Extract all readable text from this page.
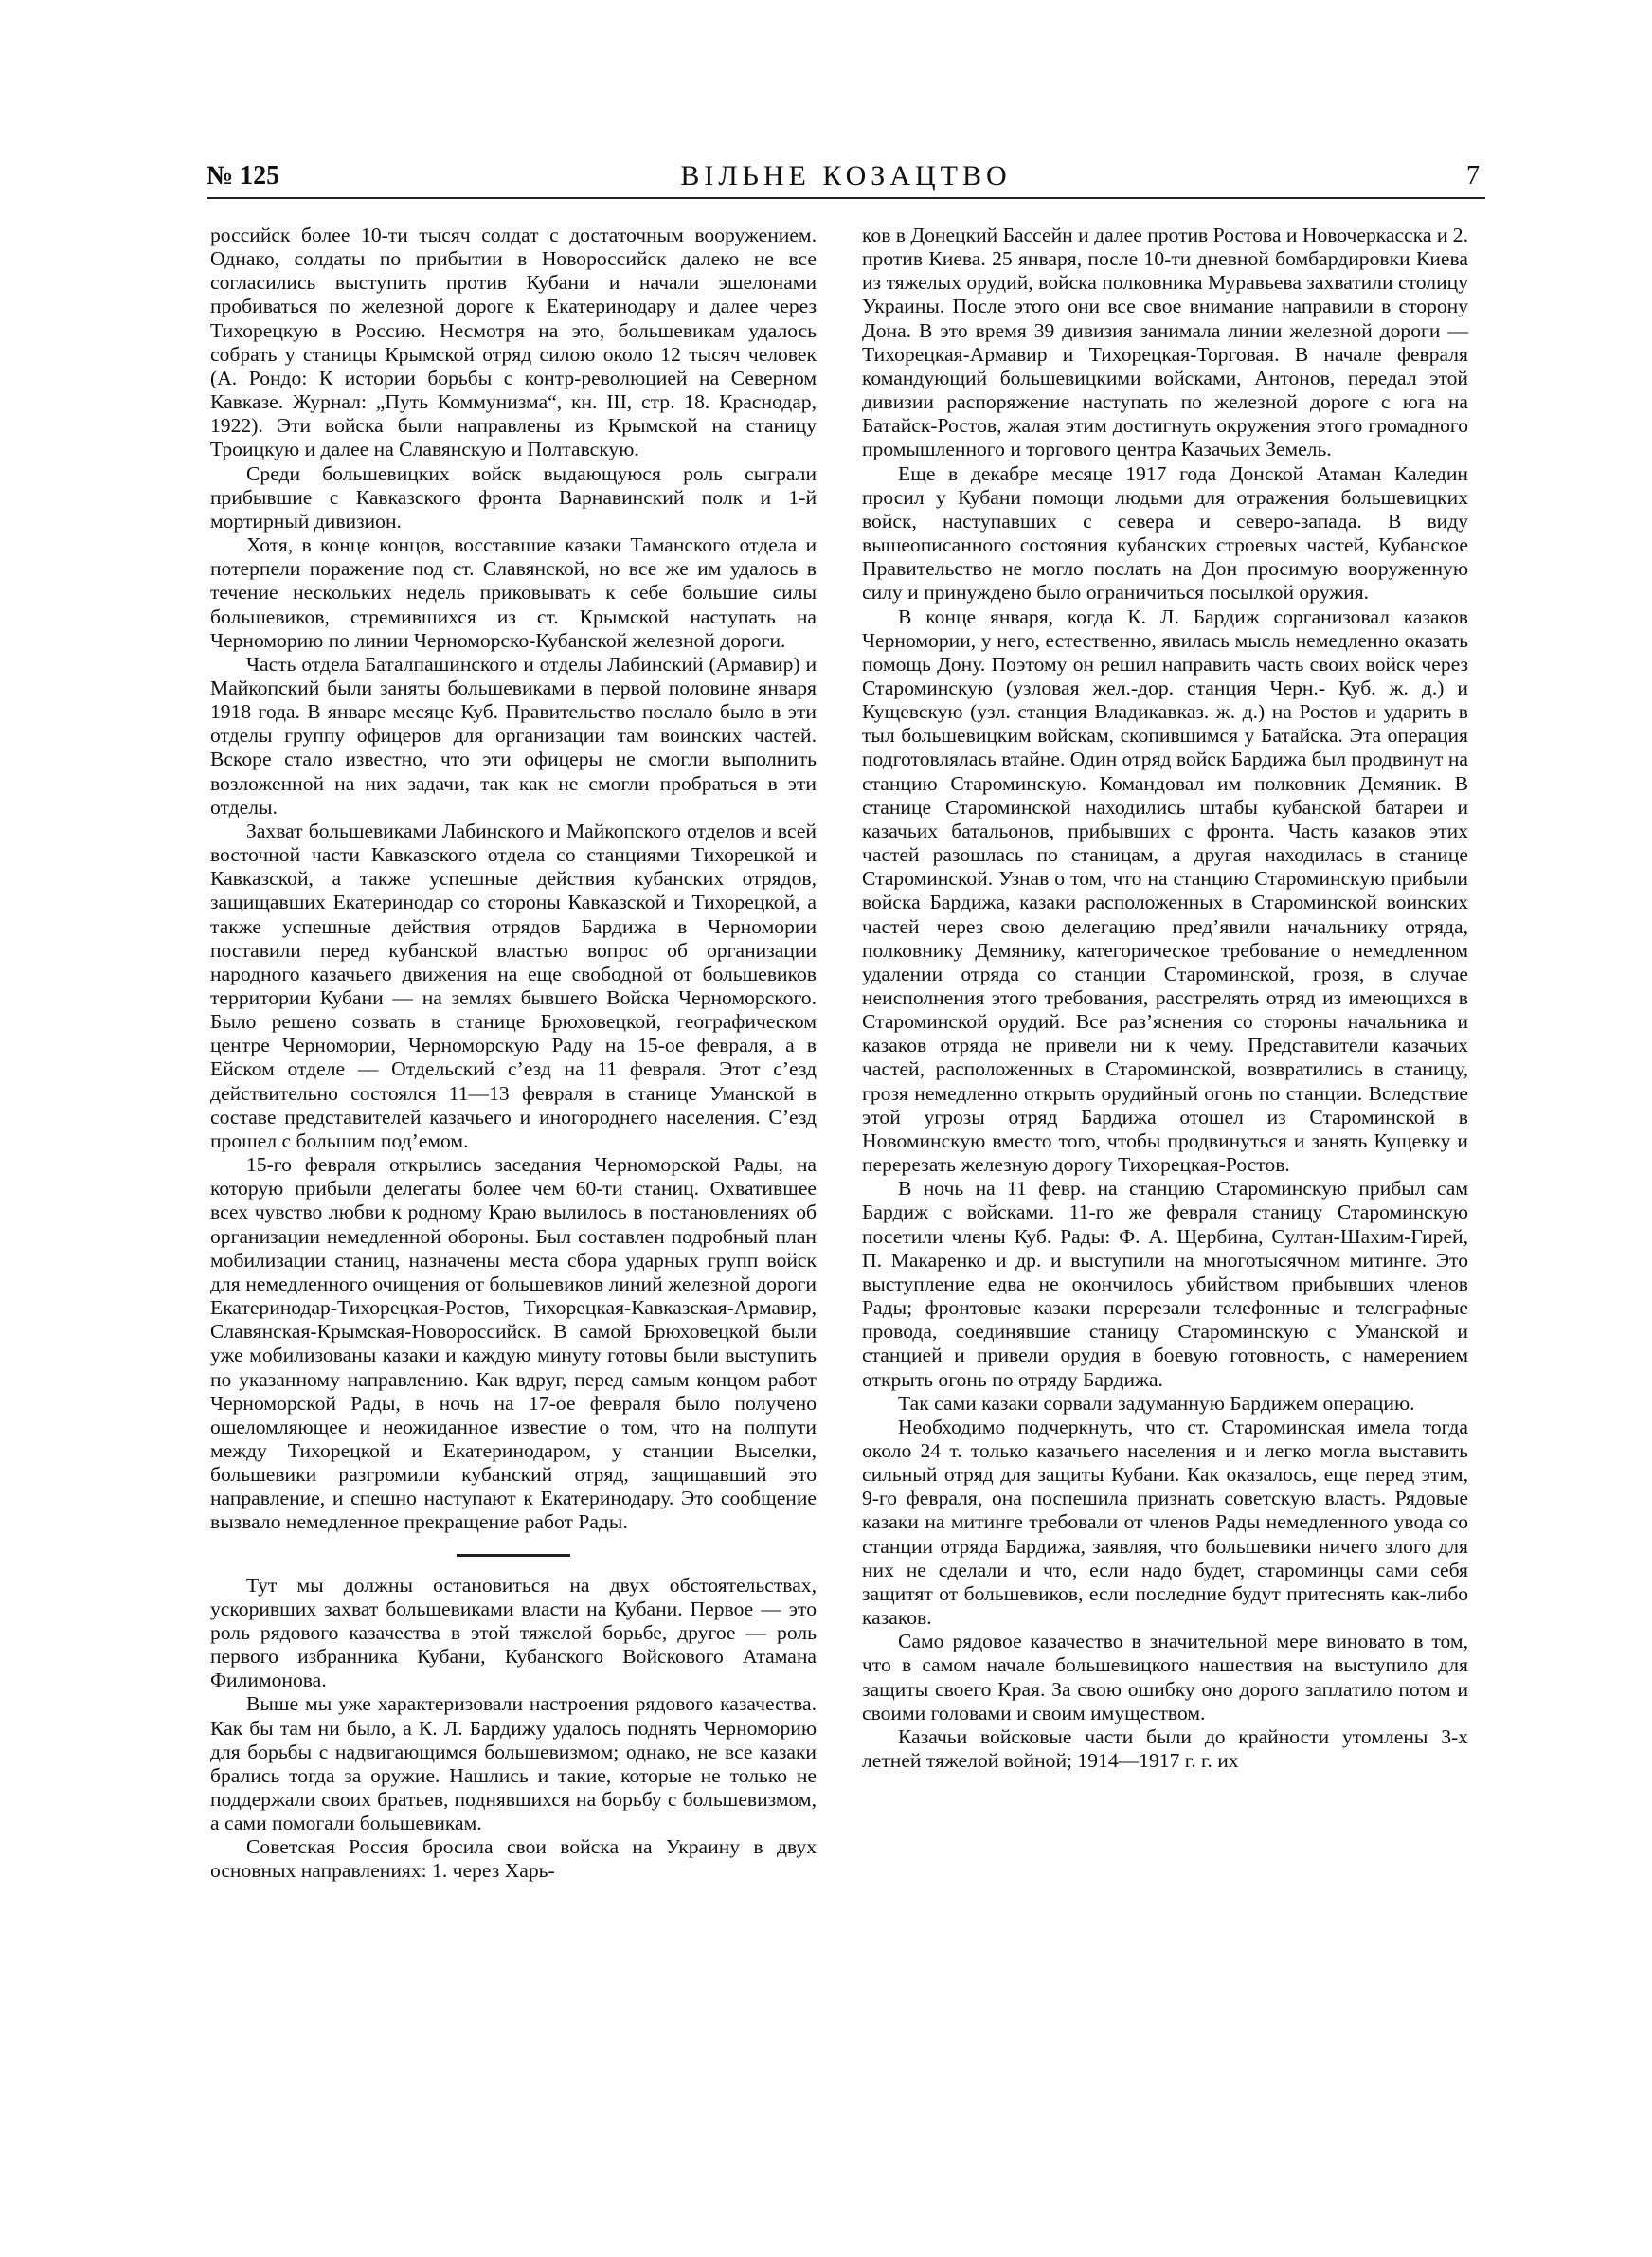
№ 125	ВІЛЬНЕ КОЗАЦТВО	7

российск более 10-ти тысяч солдат с достаточным вооружением. Однако, солдаты по прибытии в Новороссийск далеко не все согласились выступить против Кубани и начали эшелонами пробиваться по железной дороге к Екатеринодару и далее через Тихорецкую в Россию. Несмотря на это, большевикам удалось собрать у станицы Крымской отряд силою около 12 тысяч человек (А. Рондо: К истории борьбы с контр-революцией на Северном Кавказе. Журнал: „Путь Коммунизма“, кн. III, стр. 18. Краснодар, 1922). Эти войска были направлены из Крымской на станицу Троицкую и далее на Славянскую и Полтавскую.

Среди большевицких войск выдающуюся роль сыграли прибывшие с Кавказского фронта Варнавинский полк и 1-й мортирный дивизион.

Хотя, в конце концов, восставшие казаки Таманского отдела и потерпели поражение под ст. Славянской, но все же им удалось в течение нескольких недель приковывать к себе большие силы большевиков, стремившихся из ст. Крымской наступать на Черноморию по линии Черноморско-Кубанской железной дороги.

Часть отдела Баталпашинского и отделы Лабинский (Армавир) и Майкопский были заняты большевиками в первой половине января 1918 года. В январе месяце Куб. Правительство послало было в эти отделы группу офицеров для организации там воинских частей. Вскоре стало известно, что эти офицеры не смогли выполнить возложенной на них задачи, так как не смогли пробраться в эти отделы.

Захват большевиками Лабинского и Майкопского отделов и всей восточной части Кавказского отдела со станциями Тихорецкой и Кавказской, а также успешные действия кубанских отрядов, защищавших Екатеринодар со стороны Кавказской и Тихорецкой, а также успешные действия отрядов Бардижа в Черномории поставили перед кубанской властью вопрос об организации народного казачьего движения на еще свободной от большевиков территории Кубани — на землях бывшего Войска Черноморского. Было решено созвать в станице Брюховецкой, географическом центре Черномории, Черноморскую Раду на 15-ое февраля, а в Ейском отделе — Отдельский с’езд на 11 февраля. Этот с’езд действительно состоялся 11—13 февраля в станице Уманской в составе представителей казачьего и иногороднего населения. С’езд прошел с большим под’емом.

15-го февраля открылись заседания Черноморской Рады, на которую прибыли делегаты более чем 60-ти станиц. Охватившее всех чувство любви к родному Краю вылилось в постановлениях об организации немедленной обороны. Был составлен подробный план мобилизации станиц, назначены места сбора ударных групп войск для немедленного очищения от большевиков линий железной дороги Екатеринодар-Тихорецкая-Ростов, Тихорецкая-Кавказская-Армавир, Славянская-Крымская-Новороссийск. В самой Брюховецкой были уже мобилизованы казаки и каждую минуту готовы были выступить по указанному направлению. Как вдруг, перед самым концом работ Черноморской Рады, в ночь на 17-ое февраля было получено ошеломляющее и неожиданное известие о том, что на полпути между Тихорецкой и Екатеринодаром, у станции Выселки, большевики разгромили кубанский отряд, защищавший это направление, и спешно наступают к Екатеринодару. Это сообщение вызвало немедленное прекращение работ Рады.

Тут мы должны остановиться на двух обстоятельствах, ускоривших захват большевиками власти на Кубани. Первое — это роль рядового казачества в этой тяжелой борьбе, другое — роль первого избранника Кубани, Кубанского Войскового Атамана Филимонова.

Выше мы уже характеризовали настроения рядового казачества. Как бы там ни было, а К. Л. Бардижу удалось поднять Черноморию для борьбы с надвигающимся большевизмом; однако, не все казаки брались тогда за оружие. Нашлись и такие, которые не только не поддержали своих братьев, поднявшихся на борьбу с большевизмом, а сами помогали большевикам.

Советская Россия бросила свои войска на Украину в двух основных направлениях: 1. через Харь-

ков в Донецкий Бассейн и далее против Ростова и Новочеркасска и 2. против Киева. 25 января, после 10-ти дневной бомбардировки Киева из тяжелых орудий, войска полковника Муравьева захватили столицу Украины. После этого они все свое внимание направили в сторону Дона. В это время 39 дивизия занимала линии железной дороги — Тихорецкая-Армавир и Тихорецкая-Торговая. В начале февраля командующий большевицкими войсками, Антонов, передал этой дивизии распоряжение наступать по железной дороге с юга на Батайск-Ростов, жалая этим достигнуть окружения этого громадного промышленного и торгового центра Казачьих Земель.

Еще в декабре месяце 1917 года Донской Атаман Каледин просил у Кубани помощи людьми для отражения большевицких войск, наступавших с севера и северо-запада. В виду вышеописанного состояния кубанских строевых частей, Кубанское Правительство не могло послать на Дон просимую вооруженную силу и принуждено было ограничиться посылкой оружия.

В конце января, когда К. Л. Бардиж сорганизовал казаков Черномории, у него, естественно, явилась мысль немедленно оказать помощь Дону. Поэтому он решил направить часть своих войск через Староминскую (узловая жел.-дор. станция Черн.- Куб. ж. д.) и Кущевскую (узл. станция Владикавказ. ж. д.) на Ростов и ударить в тыл большевицким войскам, скопившимся у Батайска. Эта операция подготовлялась втайне. Один отряд войск Бардижа был продвинут на станцию Староминскую. Командовал им полковник Демяник. В станице Староминской находились штабы кубанской батареи и казачьих батальонов, прибывших с фронта. Часть казаков этих частей разошлась по станицам, а другая находилась в станице Староминской. Узнав о том, что на станцию Староминскую прибыли войска Бардижа, казаки расположенных в Староминской воинских частей через свою делегацию пред’явили начальнику отряда, полковнику Демянику, категорическое требование о немедленном удалении отряда со станции Староминской, грозя, в случае неисполнения этого требования, расстрелять отряд из имеющихся в Староминской орудий. Все раз’яснения со стороны начальника и казаков отряда не привели ни к чему. Представители казачьих частей, расположенных в Староминской, возвратились в станицу, грозя немедленно открыть орудийный огонь по станции. Вследствие этой угрозы отряд Бардижа отошел из Староминской в Новоминскую вместо того, чтобы продвинуться и занять Кущевку и перерезать железную дорогу Тихорецкая-Ростов.

В ночь на 11 февр. на станцию Староминскую прибыл сам Бардиж с войсками. 11-го же февраля станицу Староминскую посетили члены Куб. Рады: Ф. А. Щербина, Султан-Шахим-Гирей, П. Макаренко и др. и выступили на многотысячном митинге. Это выступление едва не окончилось убийством прибывших членов Рады; фронтовые казаки перерезали телефонные и телеграфные провода, соединявшие станицу Староминскую с Уманской и станцией и привели орудия в боевую готовность, с намерением открыть огонь по отряду Бардижа.

Так сами казаки сорвали задуманную Бардижем операцию.

Необходимо подчеркнуть, что ст. Староминская имела тогда около 24 т. только казачьего населения и и легко могла выставить сильный отряд для защиты Кубани. Как оказалось, еще перед этим, 9-го февраля, она поспешила признать советскую власть. Рядовые казаки на митинге требовали от членов Рады немедленного увода со станции отряда Бардижа, заявляя, что большевики ничего злого для них не сделали и что, если надо будет, староминцы сами себя защитят от большевиков, если последние будут притеснять как-либо казаков.

Само рядовое казачество в значительной мере виновато в том, что в самом начале большевицкого нашествия на выступило для защиты своего Края. За свою ошибку оно дорого заплатило потом и своими головами и своим имуществом.

Казачьи войсковые части были до крайности утомлены 3-х летней тяжелой войной; 1914—1917 г. г. их
